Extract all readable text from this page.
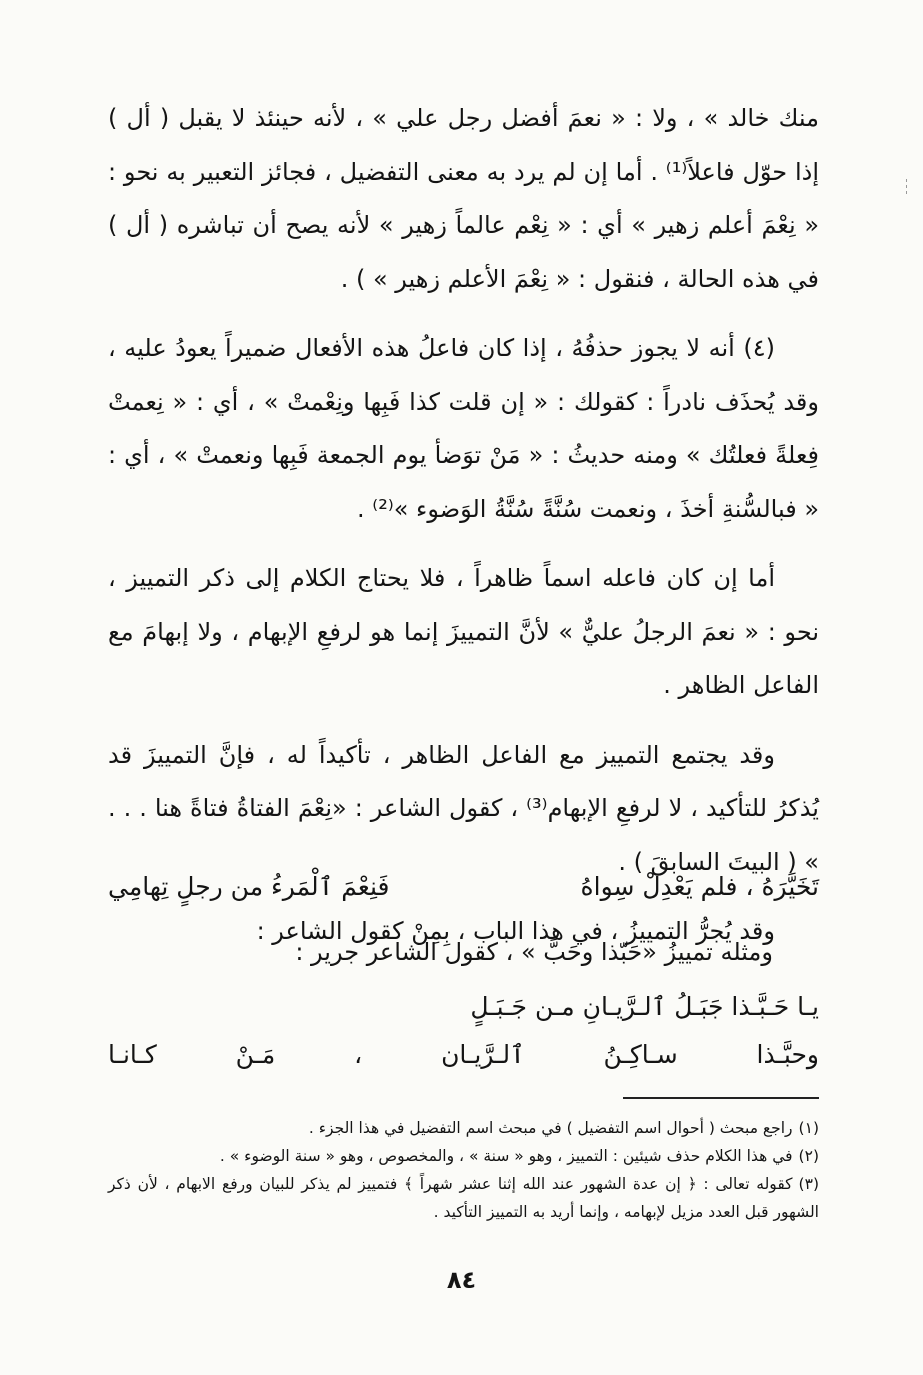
منك خالد » ، ولا : « نعمَ أفضل رجل علي » ، لأنه حينئذ لا يقبل ( أل ) إذا حوّل فاعلاً⁽¹⁾ . أما إن لم يرد به معنى التفضيل ، فجائز التعبير به نحو : « نِعْمَ أعلم زهير » أي : « نِعْم عالماً زهير » لأنه يصح أن تباشره ( أل ) في هذه الحالة ، فنقول : « نِعْمَ الأعلم زهير » ) .

(٤) أنه لا يجوز حذفُهُ ، إذا كان فاعلُ هذه الأفعال ضميراً يعودُ عليه ، وقد يُحذَف نادراً : كقولك : « إن قلت كذا فَبِها ونِعْمتْ » ، أي : « نِعمتْ فِعلةً فعلتُك » ومنه حديثُ : « مَنْ توَضأ يوم الجمعة فَبِها ونعمتْ » ، أي : « فبالسُّنةِ أخذَ ، ونعمت سُنَّةً سُنَّةُ الوَضوء »⁽²⁾ .

أما إن كان فاعله اسماً ظاهراً ، فلا يحتاج الكلام إلى ذكر التمييز ، نحو : « نعمَ الرجلُ عليٌّ » لأنَّ التمييزَ إنما هو لرفعِ الإبهام ، ولا إبهامَ مع الفاعل الظاهر .

وقد يجتمع التمييز مع الفاعل الظاهر ، تأكيداً له ، فإنَّ التمييزَ قد يُذكرُ للتأكيد ، لا لرفعِ الإبهام⁽³⁾ ، كقول الشاعر : «نِعْمَ الفتاةُ فتاةً هنا . . . » ( البيتَ السابقَ ) .

وقد يُجرُّ التمييزُ ، في هذا الباب ، بِمِنْ كقول الشاعر :

تَخَيَّرَهُ ، فلم يَعْدِلْ سِواهُ
فَنِعْمَ ٱلْمَرءُ من رجلٍ تِهامِي
ومثله تمييزُ «حَبّذا وحَبَّ » ، كقول الشاعر جرير :
يـا حَـبَّـذا جَبَـلُ ٱلـرَّيـانِ مـن جَـبَـلٍ
وحبَّـذا سـاكِـنُ ٱلـرَّيـان ، مَـنْ كـانـا

(١)راجع مبحث ( أحوال اسم التفضيل ) في مبحث اسم التفضيل في هذا الجزء .

(٢)في هذا الكلام حذف شيئين : التمييز ، وهو « سنة » ، والمخصوص ، وهو « سنة الوضوء » .

(٣)كقوله تعالى : ﴿ إن عدة الشهور عند الله إثنا عشر شهراً ﴾ فتمييز لم يذكر للبيان ورفع الابهام ، لأن ذكر الشهور قبل العدد مزيل لإبهامه ، وإنما أريد به التمييز التأكيد .

٨٤
